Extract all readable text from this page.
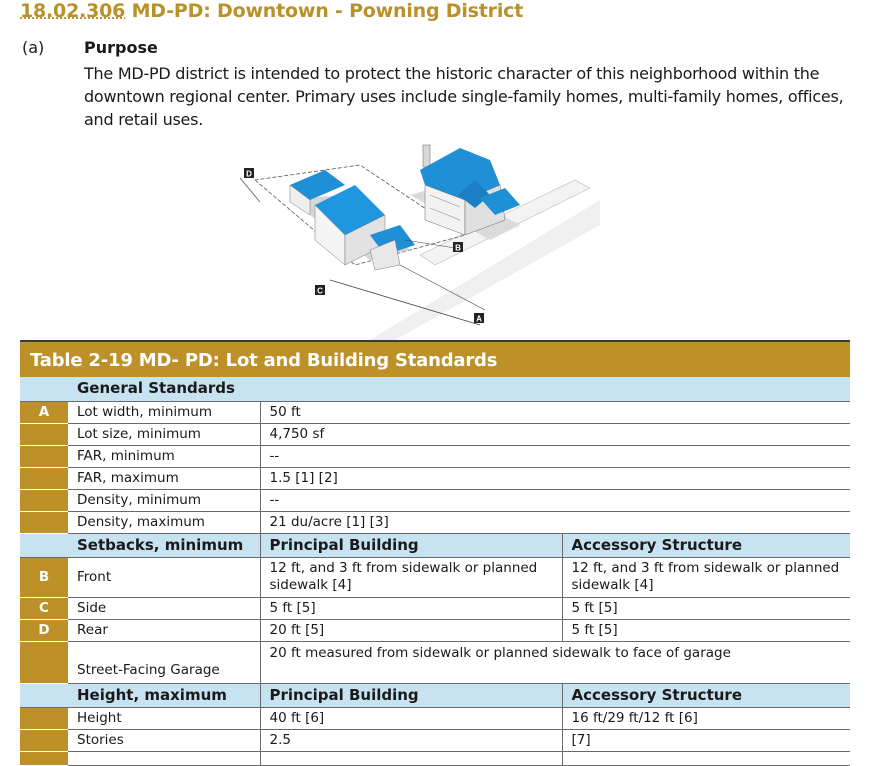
18.02.306 MD-PD: Downtown - Powning District
(a) Purpose
The MD-PD district is intended to protect the historic character of this neighborhood within the downtown regional center. Primary uses include single-family homes, multi-family homes, offices, and retail uses.
D
B
C
A
Table 2-19 MD- PD: Lot and Building Standards
	General Standards		
A	Lot width, minimum	50 ft	
	Lot size, minimum	4,750 sf	
	FAR, minimum	--	
	FAR, maximum	1.5 [1] [2]	
	Density, minimum	--	
	Density, maximum	21 du/acre [1] [3]	
	Setbacks, minimum	Principal Building	Accessory Structure
B	Front	12 ft, and 3 ft from sidewalk or planned sidewalk [4]	12 ft, and 3 ft from sidewalk or planned sidewalk [4]
C	Side	5 ft [5]	5 ft [5]
D	Rear	20 ft [5]	5 ft [5]
	Street-Facing Garage	20 ft measured from sidewalk or planned sidewalk to face of garage	
	Height, maximum	Principal Building	Accessory Structure
	Height	40 ft [6]	16 ft/29 ft/12 ft [6]
	Stories	2.5	[7]
